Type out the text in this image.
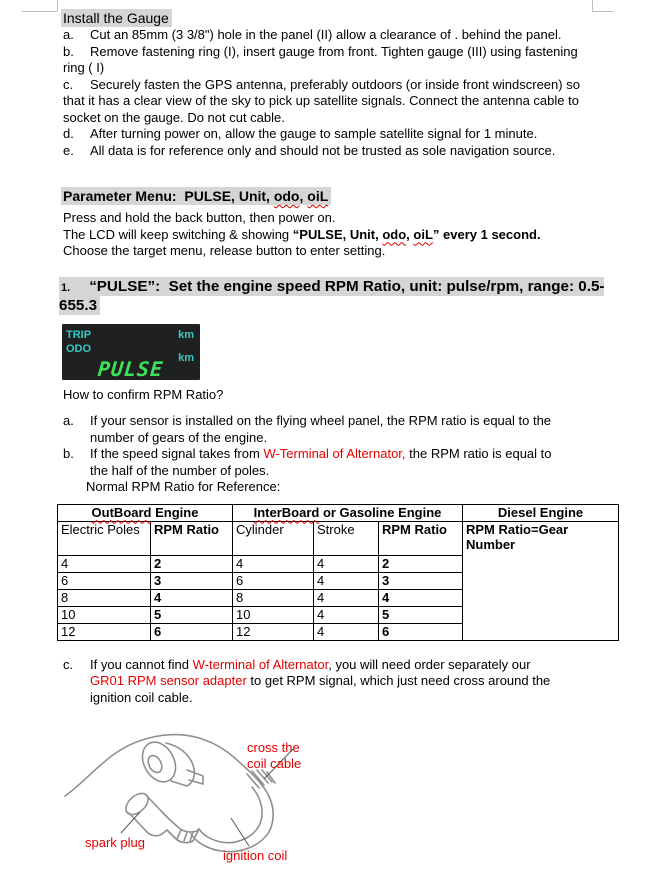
Install the Gauge

a. Cut an 85mm (3 3/8") hole in the panel (II) allow a clearance of . behind the panel.

b. Remove fastening ring (I), insert gauge from front. Tighten gauge (III) using fastening
ring ( I)

c. Securely fasten the GPS antenna, preferably outdoors (or inside front windscreen) so
that it has a clear view of the sky to pick up satellite signals. Connect the antenna cable to
socket on the gauge. Do not cut cable.

d. After turning power on, allow the gauge to sample satellite signal for 1 minute.

e. All data is for reference only and should not be trusted as sole navigation source.

Parameter Menu:  PULSE, Unit, odo, oiL

Press and hold the back button, then power on.

The LCD will keep switching & showing “PULSE, Unit, odo, oiL” every 1 second.

Choose the target menu, release button to enter setting.

1. “PULSE”:  Set the engine speed RPM Ratio, unit: pulse/rpm, range: 0.5-655.3
TRIP
ODO
km
km
PULSE

How to confirm RPM Ratio?

a.	If your sensor is installed on the flying wheel panel, the RPM ratio is equal to the
number of gears of the engine.
b.	If the speed signal takes from W-Terminal of Alternator, the RPM ratio is equal to
the half of the number of poles.

Normal RPM Ratio for Reference:

OutBoard Engine		InterBoard or Gasoline Engine			Diesel Engine
Electric Poles	RPM Ratio	Cylinder	Stroke	RPM Ratio	RPM Ratio=Gear Number
4	2	4	4	2	
6	3	6	4	3	
8	4	8	4	4	
10	5	10	4	5	
12	6	12	4	6	
c.	If you cannot find W-terminal of Alternator, you will need order separately our
GR01 RPM sensor adapter to get RPM signal, which just need cross around the
ignition coil cable.
cross the coil cable
spark plug
ignition coil
